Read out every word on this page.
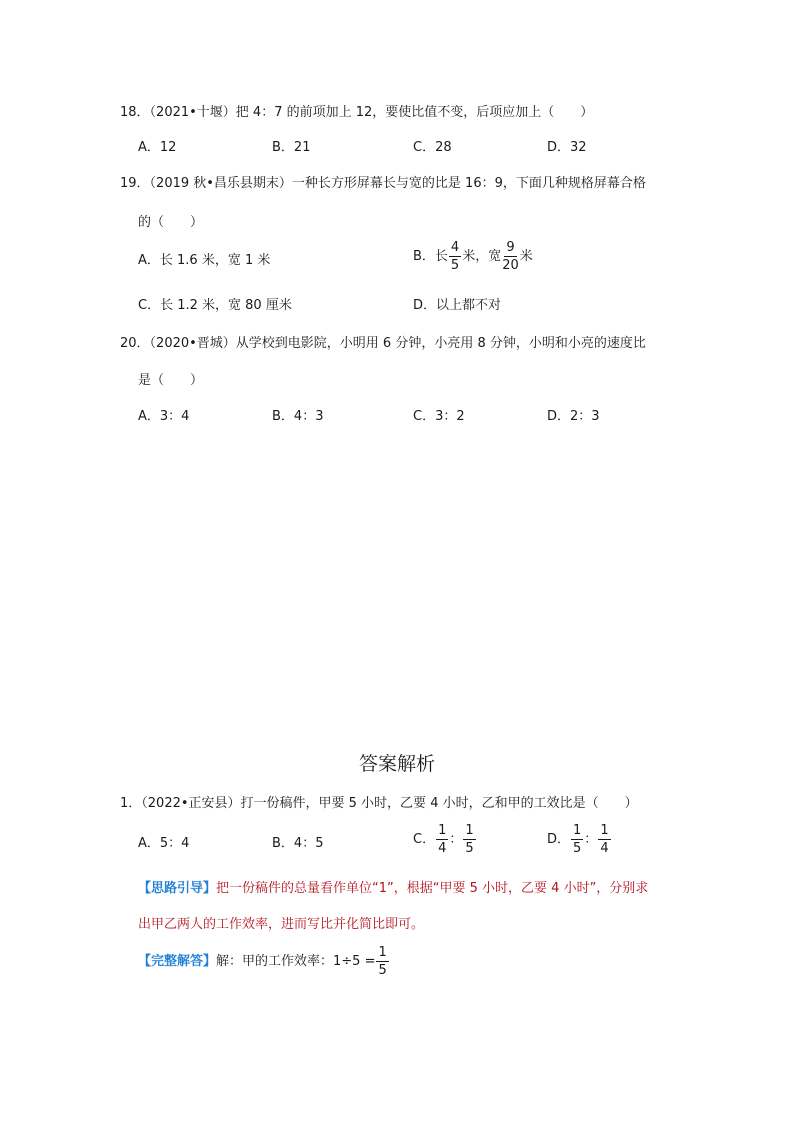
18．（2021•十堰）把 4：7 的前项加上 12，要使比值不变，后项应加上（　　）
A．12	B．21	C．28	D．32
19．（2019 秋•昌乐县期末）一种长方形屏幕长与宽的比是 16：9，下面几种规格屏幕合格
的（　　）
A．长 1.6 米，宽 1 米	B．长 $\frac{4}{5}$ 米，宽 $\frac{9}{20}$ 米
C．长 1.2 米，宽 80 厘米	D．以上都不对
20．（2020•晋城）从学校到电影院，小明用 6 分钟，小亮用 8 分钟，小明和小亮的速度比
是（　　）
A．3：4	B．4：3	C．3：2	D．2：3
答案解析
1．（2022•正安县）打一份稿件，甲要 5 小时，乙要 4 小时，乙和甲的工效比是（　　）
A．5：4	B．4：5	C． $\frac{1}{4}$ ： $\frac{1}{5}$	D． $\frac{1}{5}$ ： $\frac{1}{4}$
【思路引导】把一份稿件的总量看作单位“1”，根据“甲要 5 小时，乙要 4 小时”，分别求
出甲乙两人的工作效率，进而写比并化简比即可。
【完整解答】解：甲的工作效率：$1\div 5 = \frac{1}{5}$
